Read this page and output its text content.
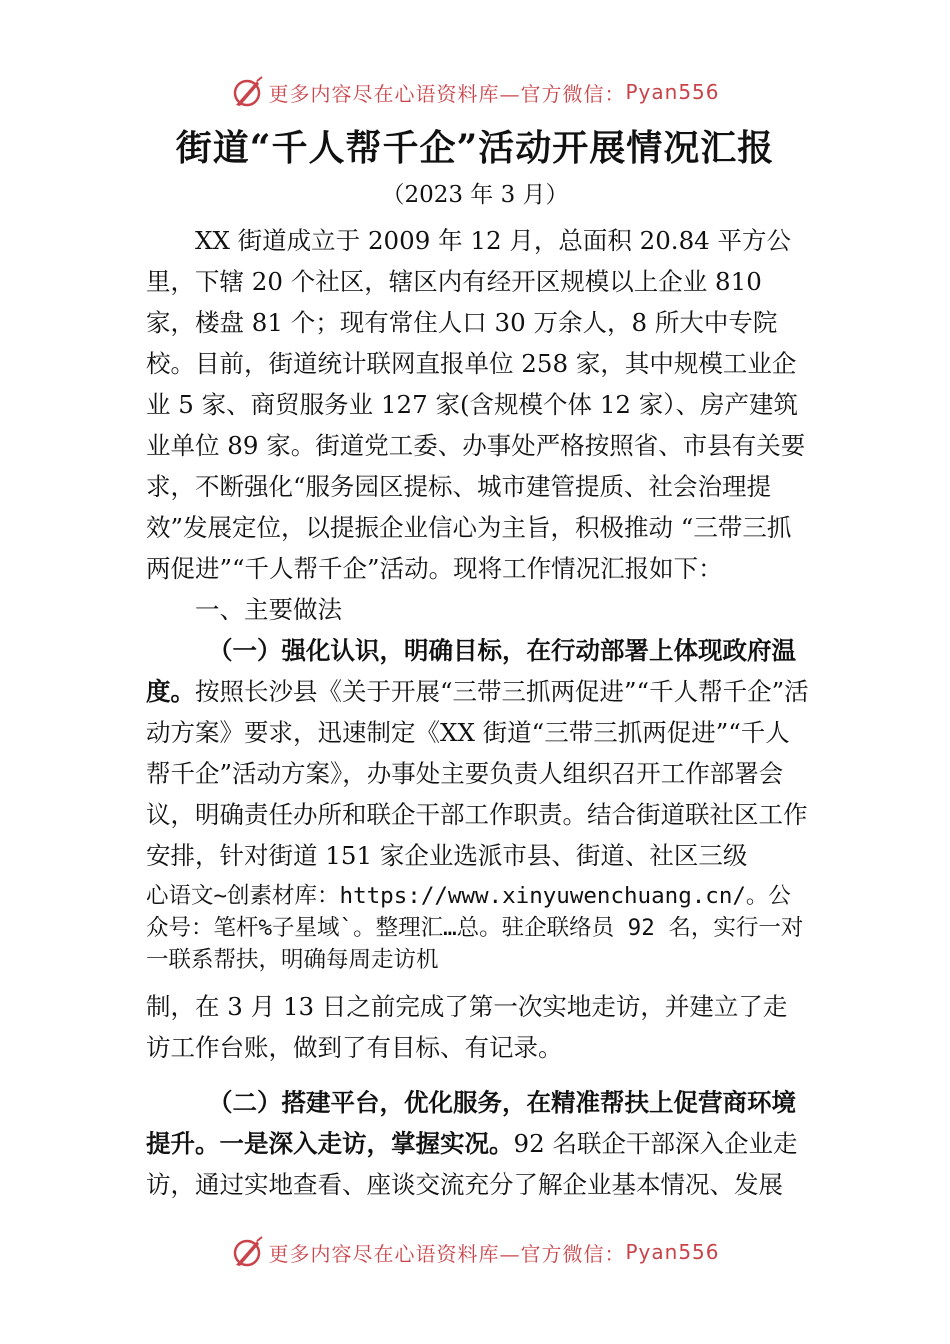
更多内容尽在心语资料库—官方微信： Pyan556
街道“千人帮千企”活动开展情况汇报
（2023 年 3 月）

XX 街道成立于 2009 年 12 月，总面积 20.84 平方公里，下辖 20 个社区，辖区内有经开区规模以上企业 810 家，楼盘 81 个；现有常住人口 30 万余人，8 所大中专院校。目前，街道统计联网直报单位 258 家，其中规模工业企业 5 家、商贸服务业 127 家(含规模个体 12 家）、房产建筑业单位 89 家。街道党工委、办事处严格按照省、市县有关要求，不断强化“服务园区提标、城市建管提质、社会治理提效”发展定位，以提振企业信心为主旨，积极推动 “三带三抓两促进”“千人帮千企”活动。现将工作情况汇报如下：

一、主要做法

（一）强化认识，明确目标，在行动部署上体现政府温度。按照长沙县《关于开展“三带三抓两促进”“千人帮千企”活动方案》要求，迅速制定《XX 街道“三带三抓两促进”“千人帮千企”活动方案》，办事处主要负责人组织召开工作部署会议，明确责任办所和联企干部工作职责。结合街道联社区工作安排，针对街道 151 家企业选派市县、街道、社区三级

心语文~创素材库：https://www.xinyuwenchuang.cn/。公众号：笔杆%子星域`。整理汇…总。驻企联络员 92 名，实行一对一联系帮扶，明确每周走访机

制，在 3 月 13 日之前完成了第一次实地走访，并建立了走访工作台账，做到了有目标、有记录。

（二）搭建平台，优化服务，在精准帮扶上促营商环境提升。一是深入走访，掌握实况。92 名联企干部深入企业走访，通过实地查看、座谈交流充分了解企业基本情况、发展

更多内容尽在心语资料库—官方微信： Pyan556
